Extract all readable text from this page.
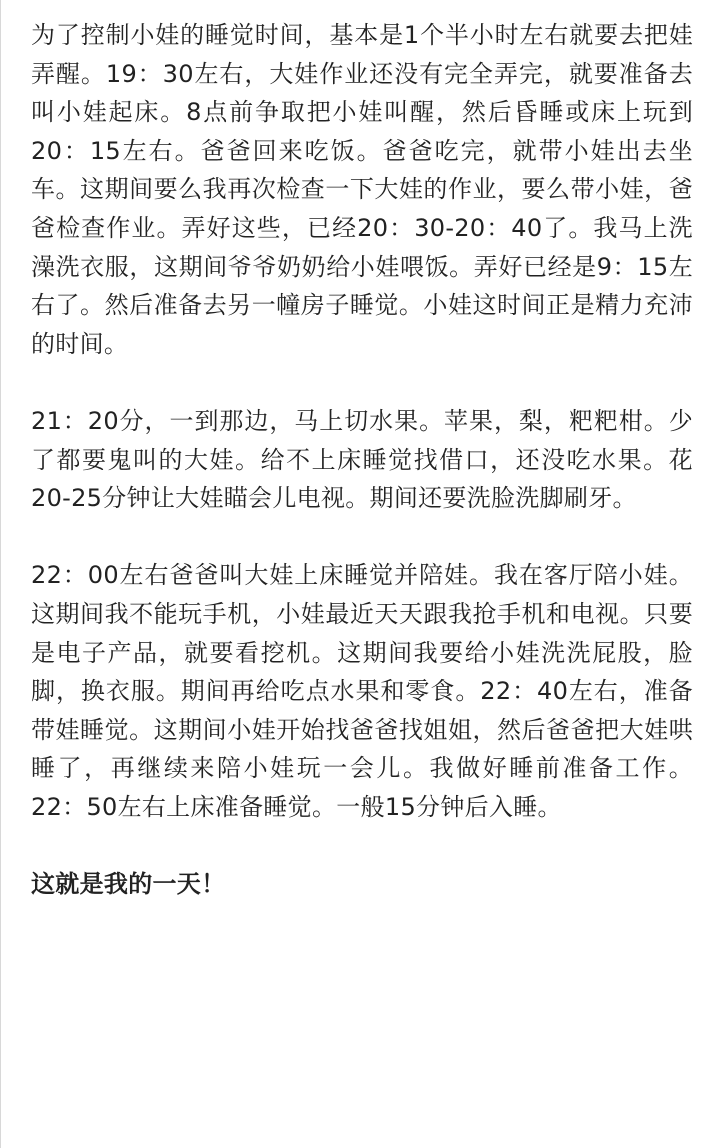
为了控制小娃的睡觉时间，基本是1个半小时左右就要去把娃弄醒。19：30左右，大娃作业还没有完全弄完，就要准备去叫小娃起床。8点前争取把小娃叫醒，然后昏睡或床上玩到20：15左右。爸爸回来吃饭。爸爸吃完，就带小娃出去坐车。这期间要么我再次检查一下大娃的作业，要么带小娃，爸爸检查作业。弄好这些，已经20：30-20：40了。我马上洗澡洗衣服，这期间爷爷奶奶给小娃喂饭。弄好已经是9：15左右了。然后准备去另一幢房子睡觉。小娃这时间正是精力充沛的时间。

21：20分，一到那边，马上切水果。苹果，梨，粑粑柑。少了都要鬼叫的大娃。给不上床睡觉找借口，还没吃水果。花20-25分钟让大娃瞄会儿电视。期间还要洗脸洗脚刷牙。

22：00左右爸爸叫大娃上床睡觉并陪娃。我在客厅陪小娃。这期间我不能玩手机，小娃最近天天跟我抢手机和电视。只要是电子产品，就要看挖机。这期间我要给小娃洗洗屁股，脸脚，换衣服。期间再给吃点水果和零食。22：40左右，准备带娃睡觉。这期间小娃开始找爸爸找姐姐，然后爸爸把大娃哄睡了，再继续来陪小娃玩一会儿。我做好睡前准备工作。22：50左右上床准备睡觉。一般15分钟后入睡。

这就是我的一天！
